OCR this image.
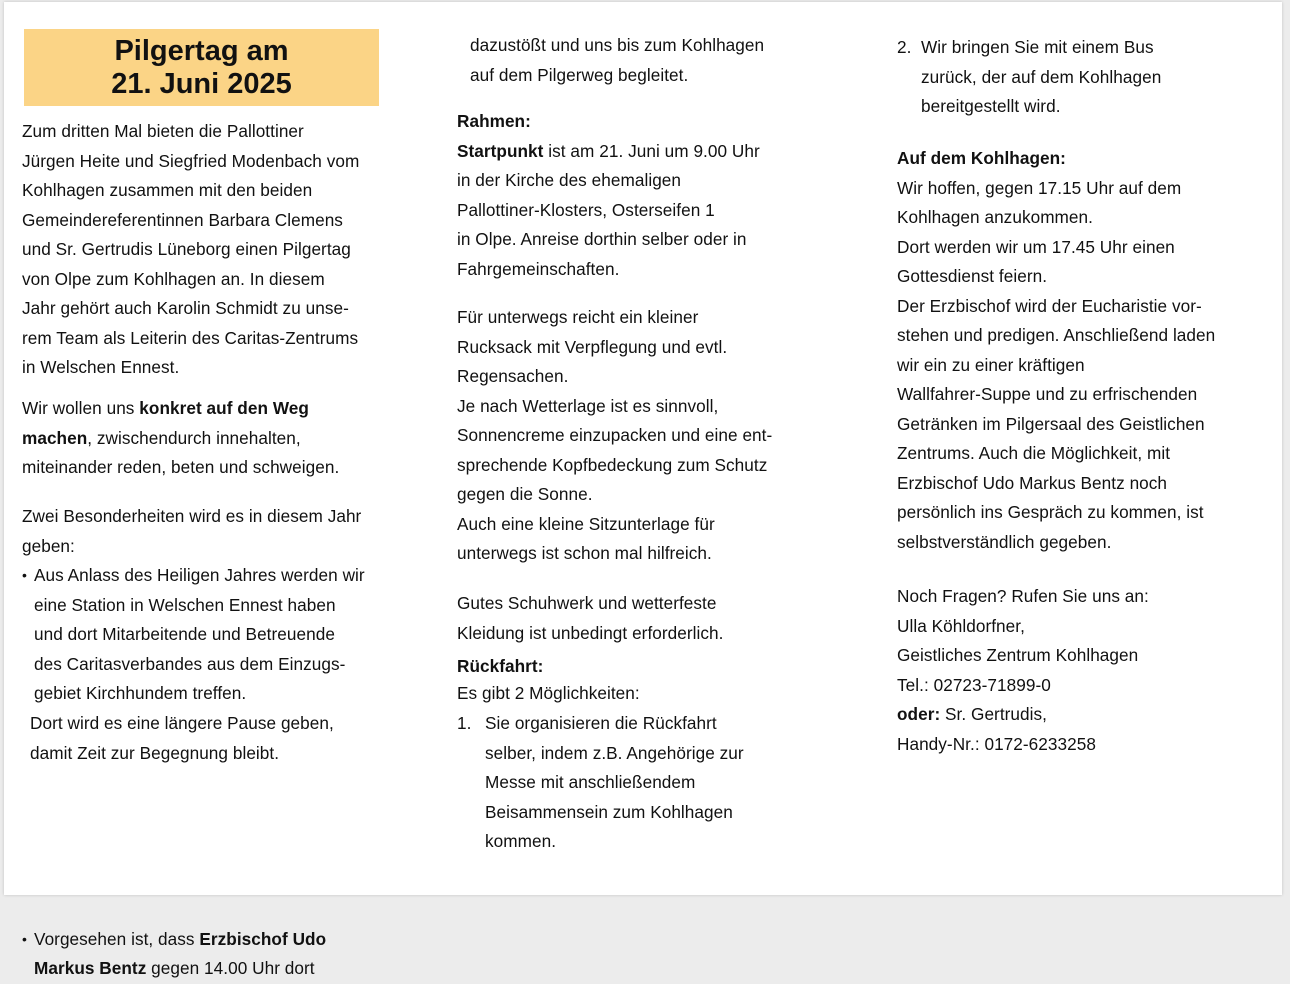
Pilgertag am
21. Juni 2025
Zum dritten Mal bieten die Pallottiner
Jürgen Heite und Siegfried Modenbach vom
Kohlhagen zusammen mit den beiden
Gemeindereferentinnen Barbara Clemens
und Sr. Gertrudis Lüneborg einen Pilgertag
von Olpe zum Kohlhagen an. In diesem
Jahr gehört auch Karolin Schmidt zu unse-
rem Team als Leiterin des Caritas-Zentrums
in Welschen Ennest.
Wir wollen uns konkret auf den Weg
machen, zwischendurch innehalten,
miteinander reden, beten und schweigen.
Zwei Besonderheiten wird es in diesem Jahr
geben:
• Aus Anlass des Heiligen Jahres werden wir
eine Station in Welschen Ennest haben
und dort Mitarbeitende und Betreuende
des Caritasverbandes aus dem Einzugs-
gebiet Kirchhundem treffen.
Dort wird es eine längere Pause geben,
damit Zeit zur Begegnung bleibt.
• Vorgesehen ist, dass Erzbischof Udo
Markus Bentz gegen 14.00 Uhr dort
dazustößt und uns bis zum Kohlhagen
auf dem Pilgerweg begleitet.
Rahmen:
Startpunkt ist am 21. Juni um 9.00 Uhr
in der Kirche des ehemaligen
Pallottiner-Klosters, Osterseifen 1
in Olpe. Anreise dorthin selber oder in
Fahrgemeinschaften.
Für unterwegs reicht ein kleiner
Rucksack mit Verpflegung und evtl.
Regensachen.
Je nach Wetterlage ist es sinnvoll,
Sonnencreme einzupacken und eine ent-
sprechende Kopfbedeckung zum Schutz
gegen die Sonne.
Auch eine kleine Sitzunterlage für
unterwegs ist schon mal hilfreich.
Gutes Schuhwerk und wetterfeste
Kleidung ist unbedingt erforderlich.
Rückfahrt:
Es gibt 2 Möglichkeiten:
1. Sie organisieren die Rückfahrt
selber, indem z.B. Angehörige zur
Messe mit anschließendem
Beisammensein zum Kohlhagen
kommen.
2. Wir bringen Sie mit einem Bus
zurück, der auf dem Kohlhagen
bereitgestellt wird.
Auf dem Kohlhagen:
Wir hoffen, gegen 17.15 Uhr auf dem
Kohlhagen anzukommen.
Dort werden wir um 17.45 Uhr einen
Gottesdienst feiern.
Der Erzbischof wird der Eucharistie vor-
stehen und predigen. Anschließend laden
wir ein zu einer kräftigen
Wallfahrer-Suppe und zu erfrischenden
Getränken im Pilgersaal des Geistlichen
Zentrums. Auch die Möglichkeit, mit
Erzbischof Udo Markus Bentz noch
persönlich ins Gespräch zu kommen, ist
selbstverständlich gegeben.
Noch Fragen? Rufen Sie uns an:
Ulla Köhldorfner,
Geistliches Zentrum Kohlhagen
Tel.: 02723-71899-0
oder: Sr. Gertrudis,
Handy-Nr.: 0172-6233258
